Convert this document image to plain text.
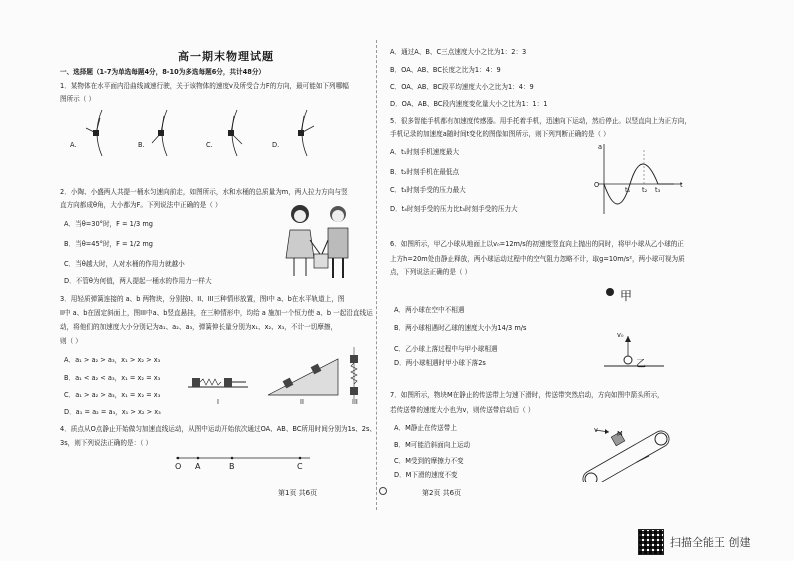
高一期末物理试题
一、选择题（1-7为单选每题4分，8-10为多选每题6分，共计48分）
1．某物体在水平面内沿曲线减速行驶，关于该物体的速度v及所受合力F的方向，最可能如下列哪幅
图所示（ ）
A.	B.	C.	D.
2．小陶、小盛两人共提一桶水匀速向前走，如图所示，水和水桶的总质量为m，两人拉力方向与竖
直方向都成θ角，大小都为F。下列说法中正确的是（ ）
A．当θ=30°时，F = 1/3 mg
B．当θ=45°时，F = 1/2 mg
C．当θ越大时，人对水桶的作用力就越小
D．不管θ为何值，两人提起一桶水的作用力一样大
3．用轻质弹簧连接的 a、b 两物块，分别按I、II、III三种情形放置，图I中 a、b在水平轨道上，图
II中 a、b在固定斜面上，图III中a、b竖直悬挂，在三种情形中，均给 a 施加一个恒力使 a、b 一起沿直线运
动，将他们的加速度大小分别记为a₁、a₂、a₃，弹簧伸长量分别为x₁、x₂、x₃，不计一切摩擦，
则（ ）
A．a₁ > a₂ > a₃，x₁ > x₂ > x₃
B．a₁ < a₂ < a₃，x₁ = x₂ = x₃
C．a₁ > a₂ > a₃，x₁ = x₂ = x₃
D．a₁ = a₂ = a₃，x₁ > x₂ > x₃
I	II	III
4．质点从O点静止开始做匀加速直线运动，从图中运动开始依次通过OA、AB、BC所用时间分别为1s、2s、
3s，则下列说法正确的是：（ ）
O A	B	C
第1页 共6页
A．通过A、B、C三点速度大小之比为1：2：3
B．OA、AB、BC长度之比为1：4：9
C．OA、AB、BC段平均速度大小之比为1：4：9
D．OA、AB、BC段内速度变化量大小之比为1：1：1
5．很多智能手机都有加速度传感器。用手托着手机，迅速向下运动，然后停止。以竖直向上为正方向，
手机记录的加速度a随时间t变化的图像如图所示，则下列判断正确的是（ ）
A．t₁时刻手机速度最大
B．t₂时刻手机在最低点
C．t₃时刻手受的压力最大
D．t₄时刻手受的压力比t₃时刻手受的压力大
a
O	t
t₁ t₂ t₃
6．如图所示，甲乙小球从地面上以v₀=12m/s的初速度竖直向上抛出的同时，将甲小球从乙小球的正
上方h=20m处由静止释放，两小球运动过程中的空气阻力忽略不计，取g=10m/s²，两小球可视为质
点，下列说法正确的是（ ）
A．两小球在空中不相遇
B．两小球相遇时乙球的速度大小为14/3 m/s
C．乙小球上落过程中与甲小球相遇
D．两小球相遇时甲小球下落2s
甲
v₀
乙
7．如图所示，物块M在静止的传送带上匀速下滑时，传送带突然启动，方向如图中箭头所示，
若传送带的速度大小也为v，则传送带启动后（ ）
A．M静止在传送带上
B．M可能沿斜面向上运动
C．M受到的摩擦力不变
D．M下滑的速度不变
v	M
第2页 共6页
扫描全能王 创建
